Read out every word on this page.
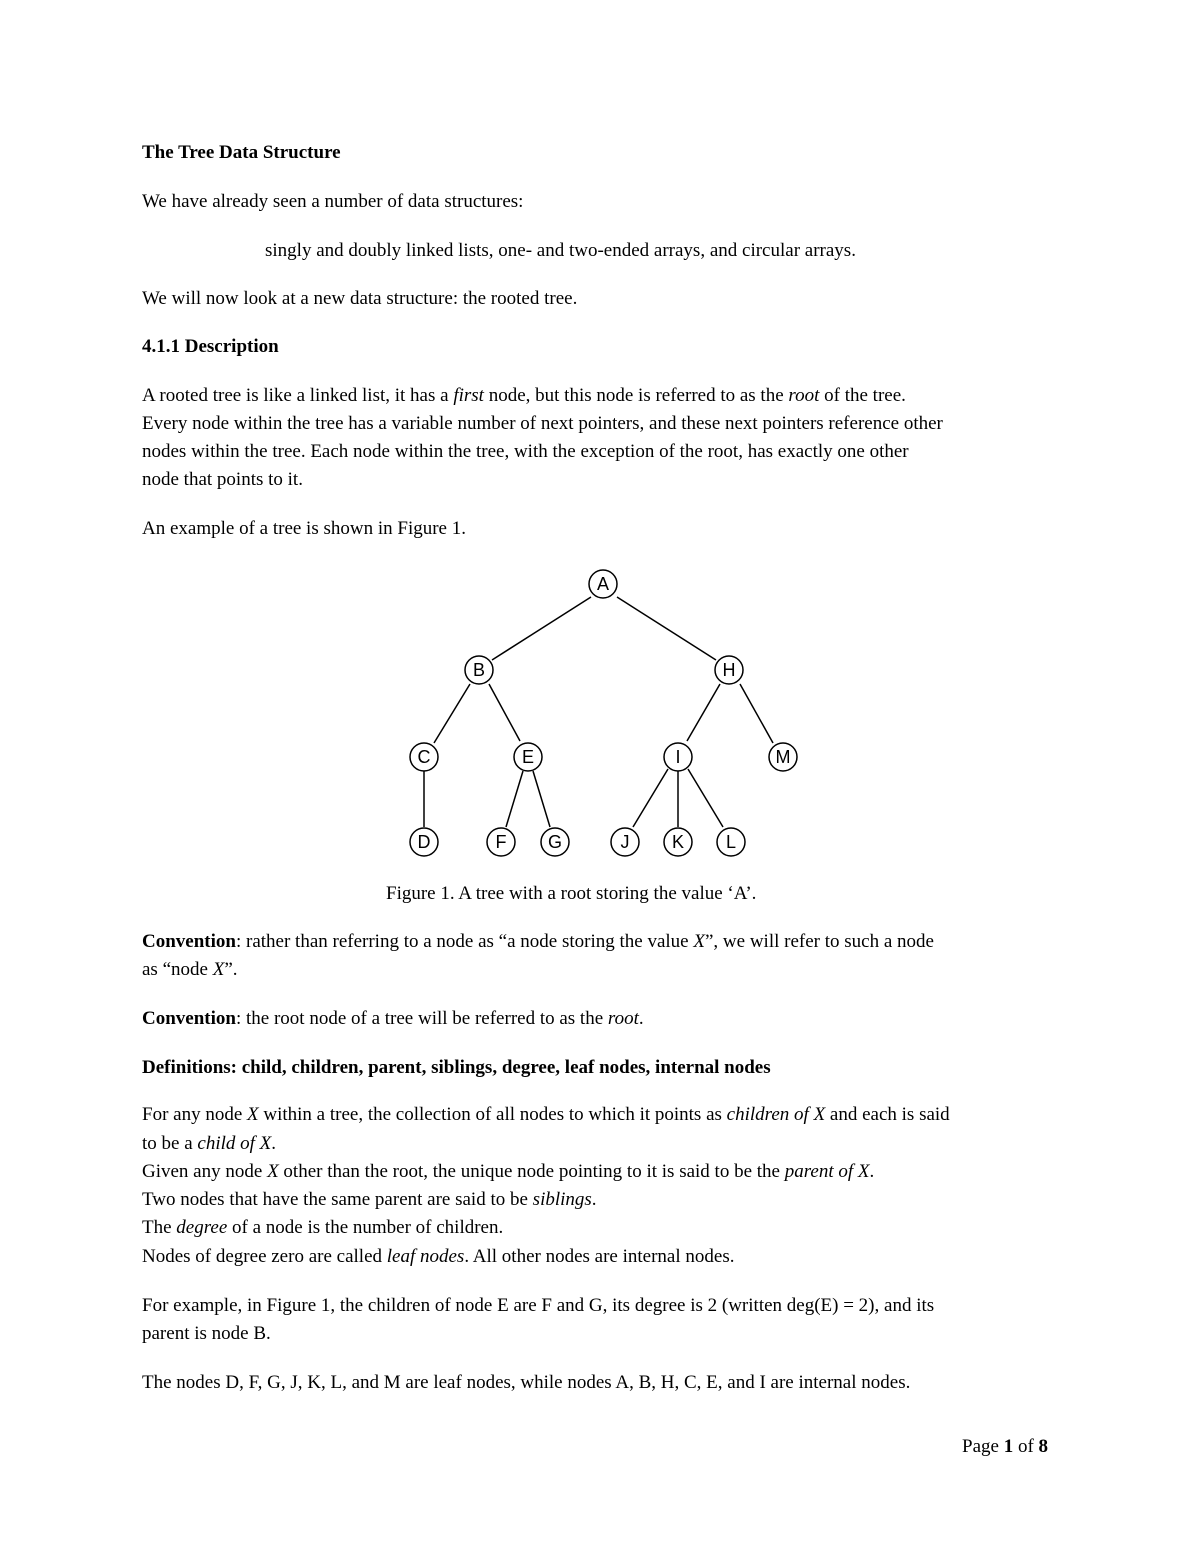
The Tree Data Structure

We have already seen a number of data structures:

singly and doubly linked lists, one- and two-ended arrays, and circular arrays.

We will now look at a new data structure: the rooted tree.

4.1.1 Description

A rooted tree is like a linked list, it has a first node, but this node is referred to as the root of the tree.

Every node within the tree has a variable number of next pointers, and these next pointers reference other

nodes within the tree. Each node within the tree, with the exception of the root, has exactly one other

node that points to it.

An example of a tree is shown in Figure 1.

A
B	H
C	E	I	M
D	F G	J K L

Figure 1. A tree with a root storing the value ‘A’.

Convention: rather than referring to a node as “a node storing the value X”, we will refer to such a node

as “node X”.

Convention: the root node of a tree will be referred to as the root.

Definitions: child, children, parent, siblings, degree, leaf nodes, internal nodes

For any node X within a tree, the collection of all nodes to which it points as children of X and each is said

to be a child of X.

Given any node X other than the root, the unique node pointing to it is said to be the parent of X.

Two nodes that have the same parent are said to be siblings.

The degree of a node is the number of children.

Nodes of degree zero are called leaf nodes. All other nodes are internal nodes.

For example, in Figure 1, the children of node E are F and G, its degree is 2 (written deg(E) = 2), and its

parent is node B.

The nodes D, F, G, J, K, L, and M are leaf nodes, while nodes A, B, H, C, E, and I are internal nodes.

Page 1 of 8
